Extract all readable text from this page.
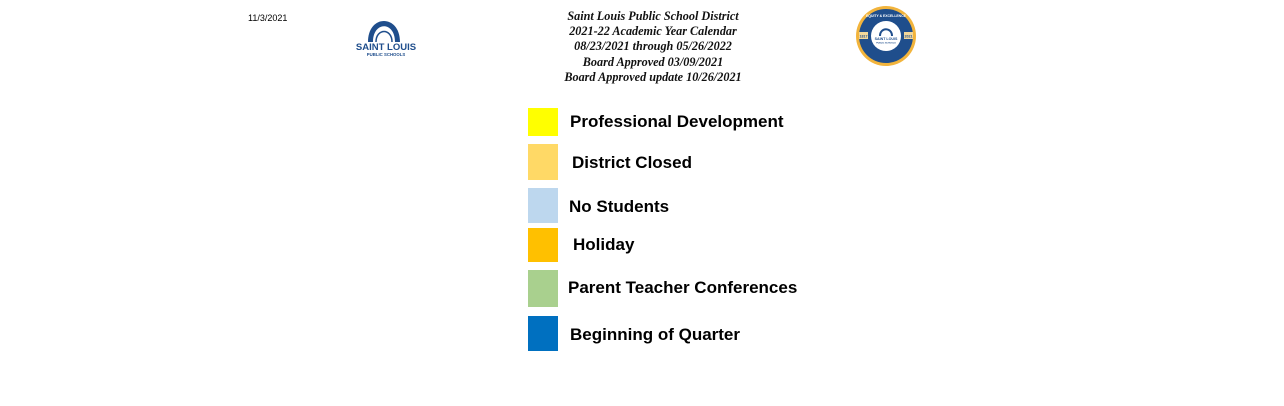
11/3/2021
SAINT LOUIS
PUBLIC SCHOOLS
Saint Louis Public School District
2021-22 Academic Year Calendar
08/23/2021 through 05/26/2022
Board Approved 03/09/2021
Board Approved update 10/26/2021
1817	2021
EQUITY & EXCELLENCE
SAINT LOUIS
PUBLIC SCHOOLS
Professional Development
District Closed
No Students
Holiday
Parent Teacher Conferences
Beginning of Quarter
